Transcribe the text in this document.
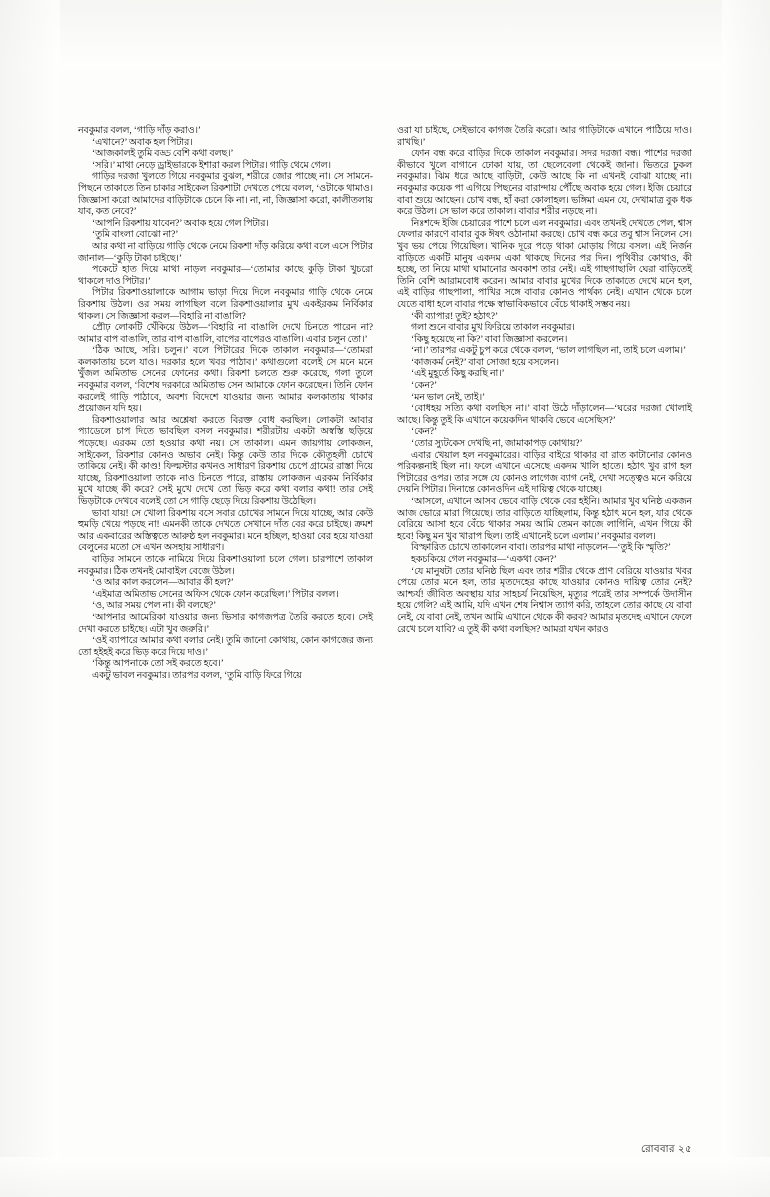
নবকুমার বলল, ‘গাড়ি দাঁড় করাও।’

‘এখানে?’ অবাক হল পিটার।

‘আজকালই তুমি বড্ড বেশি কথা বলছ।’

‘সরি।’ মাথা নেড়ে ড্রাইভারকে ইশারা করল পিটার। গাড়ি থেমে গেল।

গাড়ির দরজা খুলতে গিয়ে নবকুমার বুঝল, শরীরে জোর পাচ্ছে না। সে সামনে-পিছনে তাকাতে তিন চাকার সাইকেল রিকশাটা দেখতে পেয়ে বলল, ‘ওটাকে থামাও। জিজ্ঞাসা করো আমাদের বাড়িটাকে চেনে কি না। না, না, জিজ্ঞাসা করো, কালীতলায় যাব, কত নেবে?’

‘আপনি রিকশায় যাবেন?’ অবাক হয়ে গেল পিটার।

‘তুমি বাংলা বোঝো না?’

আর কথা না বাড়িয়ে গাড়ি থেকে নেমে রিকশা দাঁড় করিয়ে কথা বলে এসে পিটার জানাল—‘কুড়ি টাকা চাইছে।’

পকেটে হাত দিয়ে মাথা নাড়ল নবকুমার—‘তোমার কাছে কুড়ি টাকা খুচরো থাকলে দাও পিটার।’

পিটার রিকশাওয়ালাকে আগাম ভাড়া দিয়ে দিলে নবকুমার গাড়ি থেকে নেমে রিকশায় উঠল। ওর সময় লাগছিল বলে রিকশাওয়ালার মুখ একইরকম নির্বিকার থাকল। সে জিজ্ঞাসা করল—বিহারি না বাঙালি?

প্রৌঢ় লোকটি খেঁকিয়ে উঠল—‘বিহারি না বাঙালি দেখে চিনতে পারেন না? আমার বাপ বাঙালি, তার বাপ বাঙালি, বাপের বাপেরও বাঙালি। এবার চলুন তো।’

‘ঠিক আছে, সরি। চলুন।’ বলে পিটারের দিকে তাকাল নবকুমার—‘তোমরা কলকাতায় চলে যাও। দরকার হলে খবর পাঠাব।’ কথাগুলো বলেই সে মনে মনে খুঁজল অমিতাভ সেনের ফোনের কথা। রিকশা চলতে শুরু করেছে, গলা তুলে নবকুমার বলল, ‘বিশেষ দরকারে অমিতাভ সেন আমাকে ফোন করেছেন। তিনি ফোন করলেই গাড়ি পাঠাবে, অবশ্য বিদেশে যাওয়ার জন্য আমার কলকাতায় থাকার প্রয়োজন যদি হয়।

রিকশাওয়ালার আর অশ্লেষা করতে বিরক্ত বোধ করছিল। লোকটা আবার প্যাডেলে চাপ দিতে ভাবছিল বসল নবকুমার। শরীরটায় একটা অস্বস্তি ছড়িয়ে পড়েছে। এরকম তো হওয়ার কথা নয়। সে তাকাল। এমন জায়গায় লোকজন, সাইকেল, রিকশার কোনও অভাব নেই। কিন্তু কেউ তার দিকে কৌতূহলী চোখে তাকিয়ে নেই। কী কাণ্ড! ফিল্মস্টার কখনও সাধারণ রিকশায় চেপে গ্রামের রাস্তা দিয়ে যাচ্ছে, রিকশাওয়ালা তাকে নাও চিনতে পারে, রাস্তায় লোকজন এরকম নির্বিকার মুখে যাচ্ছে কী করে? সেই মুখে দেখে তো ভিড় করে কথা বলার কথা! তার সেই ভিড়টাকে দেখবে বলেই তো সে গাড়ি ছেড়ে দিয়ে রিকশায় উঠেছিল।

ভাবা যায়! সে খোলা রিকশায় বসে সবার চোখের সামনে দিয়ে যাচ্ছে, আর কেউ হুমড়ি খেয়ে পড়ছে না! এমনকী তাকে দেখতে সেখানে দাঁত বের করে চাইছে। ক্রমশ আর একবারের অস্তিত্বতে আরুষ্ঠ হল নবকুমার। মনে হচ্ছিল, হাওয়া বের হয়ে যাওয়া বেলুনের মতো সে এখন অসহায় সাধারণ।

বাড়ির সামনে তাকে নামিয়ে দিয়ে রিকশাওয়ালা চলে গেল। চারপাশে তাকাল নবকুমার। ঠিক তখনই মোবাইল বেজে উঠল।

‘ও আর কাল করলেন—আবার কী হল?’

‘এইমাত্র অমিতাভ সেনের অফিস থেকে ফোন করেছিল।’ পিটার বলল।

‘ও, আর সময় পেল না। কী বলছে?’

‘আপনার আমেরিকা যাওয়ার জন্য ভিসার কাগজপত্র তৈরি করতে হবে। সেই দেখা করতে চাইছে। এটা খুব জরুরি।’

‘ওই ব্যাপারে আমার কথা বলার নেই। তুমি জানো কোথায়, কোন কাগজের জন্য তো হইহই করে ভিড় করে দিয়ে দাও।’

‘কিন্তু আপনাকে তো সই করতে হবে।’

একটু ভাবল নবকুমার। তারপর বলল, ‘তুমি বাড়ি ফিরে গিয়ে

ওরা যা চাইছে, সেইভাবে কাগজ তৈরি করো। আর গাড়িটাকে এখানে পাঠিয়ে দাও। রাখছি।’

ফোন বন্ধ করে বাড়ির দিকে তাকাল নবকুমার। সদর দরজা বন্ধ। পাশের দরজা কীভাবে খুলে বাগানে ঢোকা যায়, তা ছেলেবেলা থেকেই জানা। ভিতরে ঢুকল নবকুমার। ঝিম ধরে আছে বাড়িটা, কেউ আছে কি না এখনই বোঝা যাচ্ছে না। নবকুমার কয়েক পা এগিয়ে পিছনের বারান্দায় পৌঁছে অবাক হয়ে গেল। ইজি চেয়ারে বাবা শুয়ে আছেন। চোখ বন্ধ, হাঁ করা কোলাহল। ভঙ্গিমা এমন যে, দেখামাত্র বুক ধক করে উঠল। সে ভাল করে তাকাল। বাবার শরীর নড়ছে না।

নিঃশব্দে ইজি চেয়ারের পাশে চলে এল নবকুমার। এবং তখনই দেখতে পেল, শ্বাস ফেলার কারণে বাবার বুক ঈষৎ ওঠানামা করছে। চোখ বন্ধ করে তবু শ্বাস নিলেন সে। খুব ভয় পেয়ে গিয়েছিল। খানিক দূরে পড়ে থাকা মোড়ায় গিয়ে বসল। এই নির্জন বাড়িতে একটি মানুষ একদম একা থাকছে দিনের পর দিন। পৃথিবীর কোথাও, কী হচ্ছে, তা নিয়ে মাথা ঘামানোর অবকাশ তার নেই। এই গাছগাছালি ঘেরা বাড়িতেই তিনি বেশি আরামবোধ করেন। আমার বাবার মুখের দিকে তাকাতে দেখে মনে হল, এই বাড়ির গাছপালা, পাখির সঙ্গে বাবার কোনও পার্থক্য নেই। এখান থেকে চলে যেতে বাধা হলে বাবার পক্ষে স্বাভাবিকভাবে বেঁচে থাকাই সম্ভব নয়।

‘কী ব্যাপার! তুই? হঠাৎ?’

গলা শুনে বাবার মুখ ফিরিয়ে তাকাল নবকুমার।

‘কিছু হয়েছে না কি?’ বাবা জিজ্ঞাসা করলেন।

‘না।’ তারপর একটু চুপ করে থেকে বলল, ‘ভাল লাগছিল না, তাই চলে এলাম।’

‘কাজকর্ম নেই?’ বাবা সোজা হয়ে বসলেন।

‘এই মুহূর্তে কিছু করছি না।’

‘কেন?’

‘মন ভাল নেই, তাই।’

‘বোধহয় সত্যি কথা বলছিস না।’ বাবা উঠে দাঁড়ালেন—‘ঘরের দরজা খোলাই আছে। কিন্তু তুই কি এখানে কয়েকদিন থাকবি ভেবে এসেছিস?’

‘কেন?’

‘তোর স্যুটকেস দেখছি না, জামাকাপড় কোথায়?’

এবার খেয়াল হল নবকুমারের। বাড়ির বাইরে থাকার বা রাত কাটানোর কোনও পরিকল্পনাই ছিল না। ফলে এখানে এসেছে একদম খালি হাতে। হঠাৎ খুব রাগ হল পিটারের ওপর। তার সঙ্গে যে কোনও লাগেজ ব্যাগ নেই, দেখা সত্ত্বেও মনে করিয়ে দেয়নি পিটার। দিনান্তে কোনওদিন এই দায়িত্ব থেকে যাচ্ছে।

‘আসলে, এখানে আসব ভেবে বাড়ি থেকে বের হইনি। আমার খুব ঘনিষ্ঠ একজন আজ ভোরে মারা গিয়েছে। তার বাড়িতে যাচ্ছিলাম, কিন্তু হঠাৎ মনে হল, যার থেকে বেরিয়ে আসা হবে বেঁচে থাকার সময় আমি তেমন কাজে লাগিনি, এখন গিয়ে কী হবে! কিছু মন খুব খারাপ ছিল। তাই এখানেই চলে এলাম।’ নবকুমার বলল।

বিস্ফারিত চোখে তাকালেন বাবা। তারপর মাথা নাড়লেন—‘তুই কি স্মৃতি?’

হকচকিয়ে গেল নবকুমার—‘একথা কেন?’

‘যে মানুষটা তোর ঘনিষ্ঠ ছিল এবং তার শরীর থেকে প্রাণ বেরিয়ে যাওয়ার খবর পেয়ে তোর মনে হল, তার মৃতদেহের কাছে যাওয়ার কোনও দায়িত্ব তোর নেই? আশ্চর্য! জীবিত অবস্থায় যার সাহচর্য নিয়েছিস, মৃত্যুর পরেই তার সম্পর্কে উদাসীন হয়ে গেলি? এই আমি, যদি এখন শেষ নিশ্বাস ত্যাগ করি, তাহলে তোর কাছে যে বাবা নেই, যে বাবা নেই, তখন আমি এখানে থেকে কী করব? আমার মৃতদেহ এখানে ফেলে রেখে চলে যাবি? এ তুই কী কথা বলছিস? আমরা যখন কারও

রোববার ২৫
